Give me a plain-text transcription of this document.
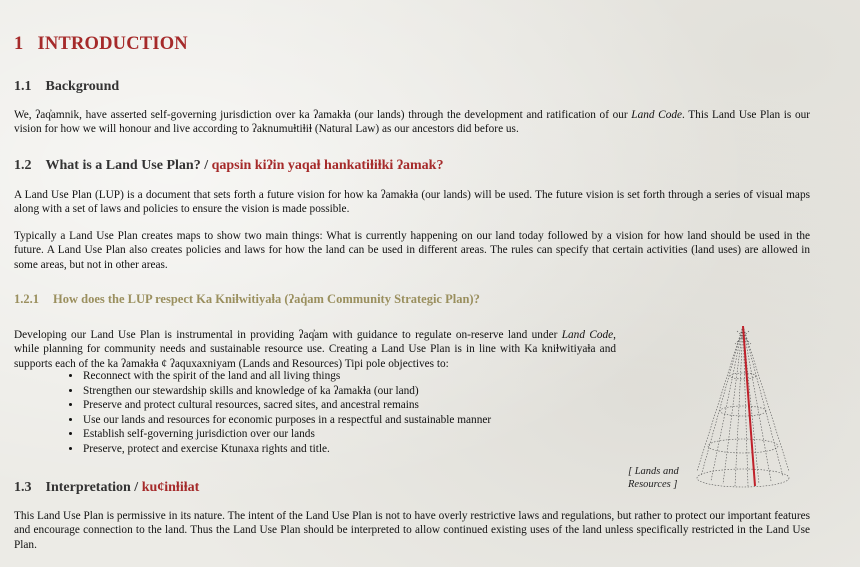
1 INTRODUCTION
1.1 Background
We, ʔaq̓amnik, have asserted self-governing jurisdiction over ka ʔamakⱡa (our lands) through the development and ratification of our Land Code. This Land Use Plan is our vision for how we will honour and live according to ʔaknumuⱡtiⱡiⱡ (Natural Law) as our ancestors did before us.
1.2 What is a Land Use Plan? / qapsin kiʔin yaqaⱡ hankatiⱡiⱡki ʔamak?
A Land Use Plan (LUP) is a document that sets forth a future vision for how ka ʔamakⱡa (our lands) will be used. The future vision is set forth through a series of visual maps along with a set of laws and policies to ensure the vision is made possible.
Typically a Land Use Plan creates maps to show two main things: What is currently happening on our land today followed by a vision for how land should be used in the future. A Land Use Plan also creates policies and laws for how the land can be used in different areas. The rules can specify that certain activities (land uses) are allowed in some areas, but not in other areas.
1.2.1 How does the LUP respect Ka Kniⱡwitiyaⱡa (ʔaq̓am Community Strategic Plan)?
Developing our Land Use Plan is instrumental in providing ʔaq̓am with guidance to regulate on-reserve land under Land Code, while planning for community needs and sustainable resource use. Creating a Land Use Plan is in line with Ka kniⱡwitiyaⱡa and supports each of the ka ʔamakⱡa ȼ ʔaquxaxniyam (Lands and Resources) Tipi pole objectives to:
• Reconnect with the spirit of the land and all living things
• Strengthen our stewardship skills and knowledge of ka ʔamakⱡa (our land)
• Preserve and protect cultural resources, sacred sites, and ancestral remains
• Use our lands and resources for economic purposes in a respectful and sustainable manner
• Establish self-governing jurisdiction over our lands
• Preserve, protect and exercise Ktunaxa rights and title.
1.3 Interpretation / kuȼinⱡiⱡat
This Land Use Plan is permissive in its nature. The intent of the Land Use Plan is not to have overly restrictive laws and regulations, but rather to protect our important features and encourage connection to the land. Thus the Land Use Plan should be interpreted to allow continued existing uses of the land unless specifically restricted in the Land Use Plan.
[ Lands and
Resources ]
